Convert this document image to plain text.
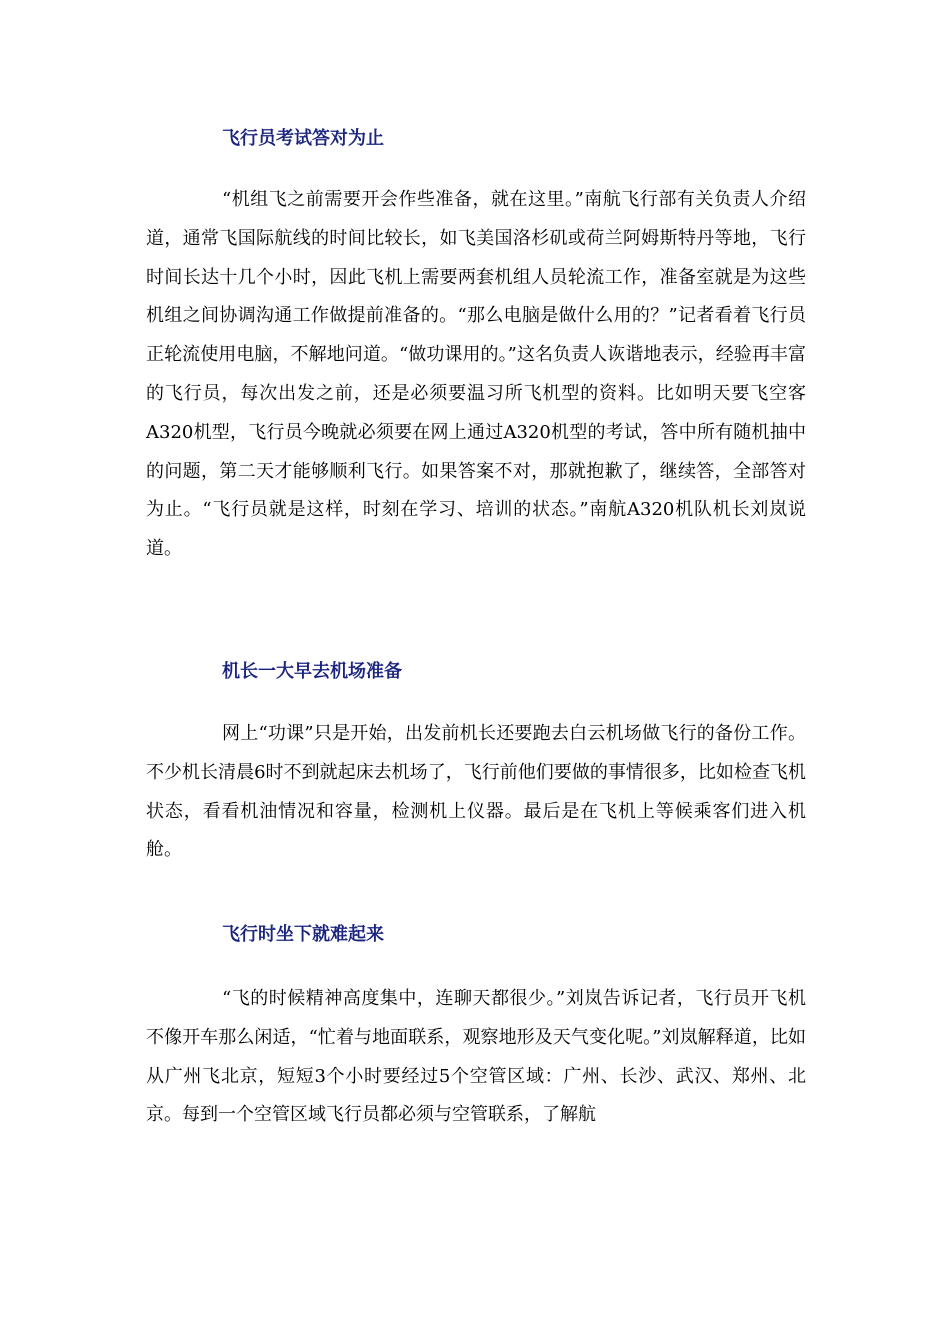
飞行员考试答对为止

“机组飞之前需要开会作些准备，就在这里。”南航飞行部有关负责人介绍道，通常飞国际航线的时间比较长，如飞美国洛杉矶或荷兰阿姆斯特丹等地，飞行时间长达十几个小时，因此飞机上需要两套机组人员轮流工作，准备室就是为这些机组之间协调沟通工作做提前准备的。“那么电脑是做什么用的？”记者看着飞行员正轮流使用电脑，不解地问道。“做功课用的。”这名负责人诙谐地表示，经验再丰富的飞行员，每次出发之前，还是必须要温习所飞机型的资料。比如明天要飞空客A320机型，飞行员今晚就必须要在网上通过A320机型的考试，答中所有随机抽中的问题，第二天才能够顺利飞行。如果答案不对，那就抱歉了，继续答，全部答对为止。“飞行员就是这样，时刻在学习、培训的状态。”南航A320机队机长刘岚说道。

机长一大早去机场准备

网上“功课”只是开始，出发前机长还要跑去白云机场做飞行的备份工作。不少机长清晨6时不到就起床去机场了，飞行前他们要做的事情很多，比如检查飞机状态，看看机油情况和容量，检测机上仪器。最后是在飞机上等候乘客们进入机舱。

飞行时坐下就难起来

“飞的时候精神高度集中，连聊天都很少。”刘岚告诉记者，飞行员开飞机不像开车那么闲适，“忙着与地面联系，观察地形及天气变化呢。”刘岚解释道，比如从广州飞北京，短短3个小时要经过5个空管区域：广州、长沙、武汉、郑州、北京。每到一个空管区域飞行员都必须与空管联系，了解航
